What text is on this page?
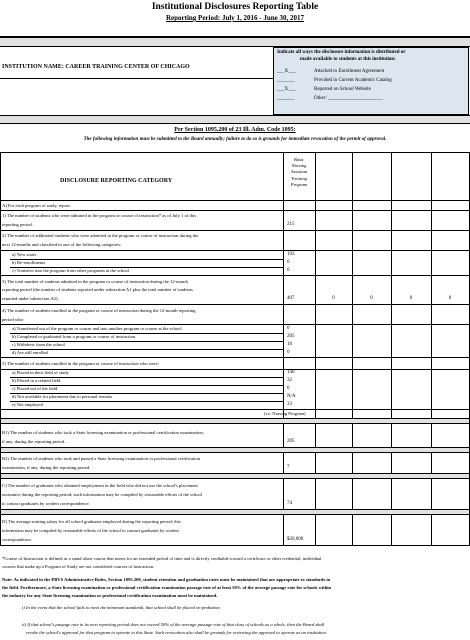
Institutional Disclosures Reporting Table
Reporting Period: July 1, 2016 - June 30, 2017
INSTITUTION NAME: CAREER TRAINING CENTER OF CHICAGO
Indicate all ways the disclosure information is distributed or
made available to students at this institution:
___X___	Attached to Enrollment Agreement
_______	Provided in Current Academic Catalog
___X___	Reported on School Website
_______	Other: ______________________
Per Section 1095.200 of 23 Ill. Adm. Code 1095:
The following information must be submitted to the Board annually; failure to do so is grounds for immediate revocation of the permit of approval.
DISCLOSURE REPORTING CATEGORY
Basic
Nursing
Assistant
Training
Program
A) For each program of study, report:
1) The number of students who were admitted in the program or course of instruction* as of July 1 of this
reporting period.	215
2) The number of additional students who were admitted in the program or course of instruction during the
next 12-months and classified in one of the following categories:
a) New starts	192
b) Re-enrollments	0
c) Transfers into the program from other programs at the school	0
3) The total number of students admitted in the program or course of instruction during the 12-month
reporting period (the number of students reported under subsection A1 plus the total number of students
reported under subsection A2).	407	0	0	0	0
4) The number of students enrolled in the program or course of instruction during the 12-month reporting
period who:
a) Transferred out of the program or course and into another program or course at the school	0
b) Completed or graduated from a program or course of instruction	205
c) Withdrew from the school	10
d) Are still enrolled	0
5) The number of students enrolled in the program or course of instruction who were:
a) Placed in their field of study	140
b) Placed in a related field	32
c) Placed out of the field	0
d) Not available for placement due to personal reasons	N/A
e) Not employed	33
(i.e. Nursing Program)
B1) The number of students who took a State licensing examination or professional certification examination,
if any, during the reporting period.	205
B2) The number of students who took and passed a State licensing examination or professional certification
examination, if any, during the reporting period.	7
C) The number of graduates who obtained employment in the field who did not use the school's placement
assistance during the reporting period; such information may be compiled by reasonable efforts of the school
to contact graduates by written correspondence.	74
D) The average starting salary for all school graduates employed during the reporting period; this
information may be compiled by reasonable efforts of the school to contact graduates by written
correspondence.	$20,000
*Course of Instruction is defined as a stand alone course that meets for an extended period of time and is directly creditable toward a certificate or other credential; individual
courses that make up a Program of Study are not considered courses of instruction.
Note: As indicated in the PBVS Administrative Rules, Section 1095.200, student retention and graduation rates must be maintained that are appropriate to standards in
the field. Furthermore, a State licensing examination or professional certification examination passage rate of at least 50% of the average passage rate for schools within
the industry for any State licensing examination or professional certification examination must be maintained.
i) In the event that the school fails to meet the minimum standards, that school shall be placed on probation.
ii) If that school's passage rate in its next reporting period does not exceed 50% of the average passage rate of that class of schools as a whole, then the Board shall
revoke the school's approval for that program to operate in this State. Such revocation also shall be grounds for reviewing the approval to operate as an institution.
